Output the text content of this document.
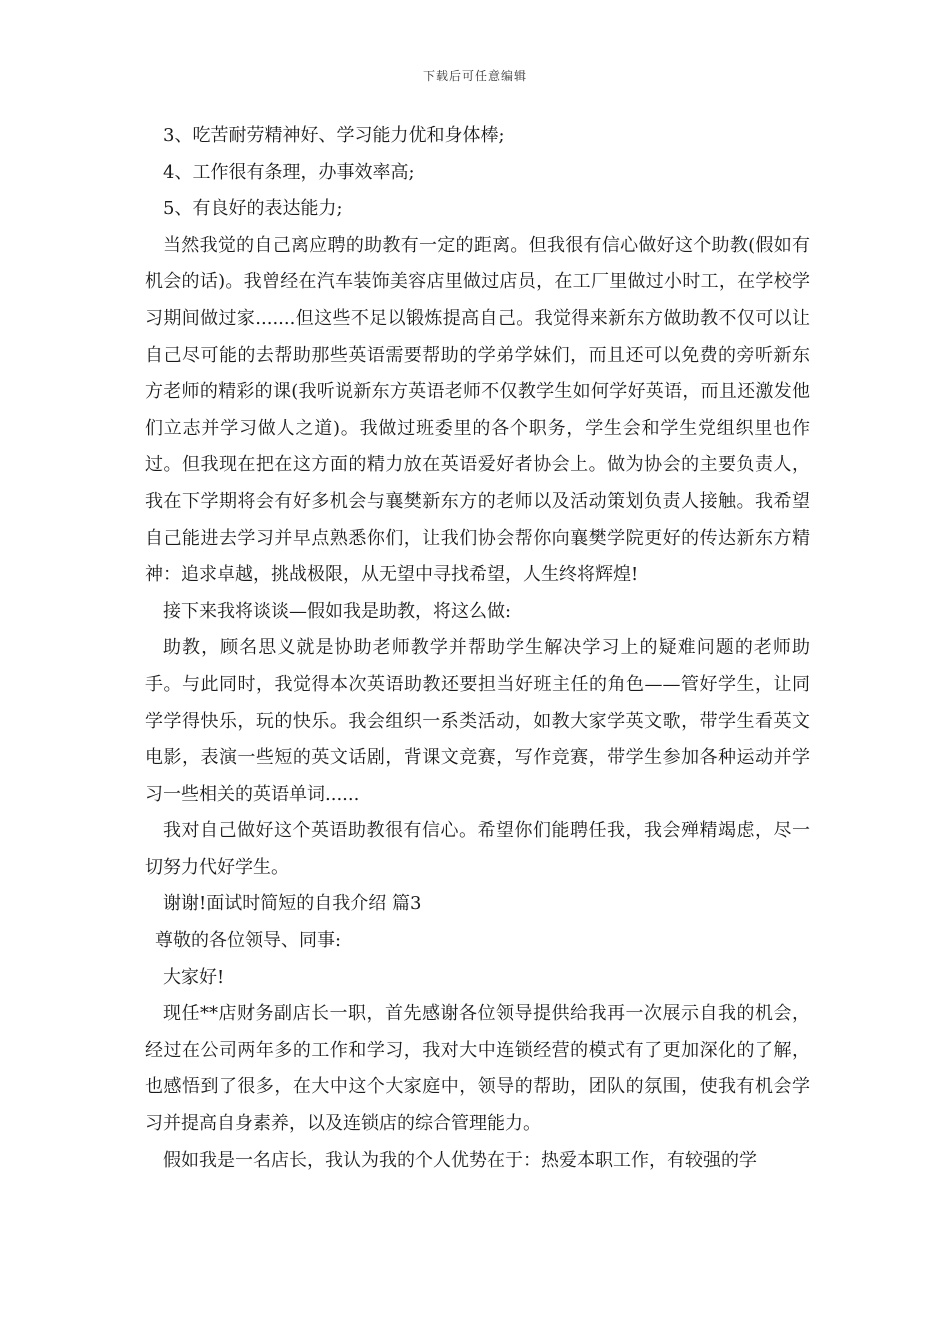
下载后可任意编辑

3、吃苦耐劳精神好、学习能力优和身体棒;

4、工作很有条理，办事效率高;

5、有良好的表达能力;

当然我觉的自己离应聘的助教有一定的距离。但我很有信心做好这个助教(假如有机会的话)。我曾经在汽车装饰美容店里做过店员，在工厂里做过小时工，在学校学习期间做过家.......但这些不足以锻炼提高自己。我觉得来新东方做助教不仅可以让自己尽可能的去帮助那些英语需要帮助的学弟学妹们，而且还可以免费的旁听新东方老师的精彩的课(我听说新东方英语老师不仅教学生如何学好英语，而且还激发他们立志并学习做人之道)。我做过班委里的各个职务，学生会和学生党组织里也作过。但我现在把在这方面的精力放在英语爱好者协会上。做为协会的主要负责人，我在下学期将会有好多机会与襄樊新东方的老师以及活动策划负责人接触。我希望自己能进去学习并早点熟悉你们，让我们协会帮你向襄樊学院更好的传达新东方精神：追求卓越，挑战极限，从无望中寻找希望，人生终将辉煌!

接下来我将谈谈—假如我是助教，将这么做:

助教，顾名思义就是协助老师教学并帮助学生解决学习上的疑难问题的老师助手。与此同时，我觉得本次英语助教还要担当好班主任的角色——管好学生，让同学学得快乐，玩的快乐。我会组织一系类活动，如教大家学英文歌，带学生看英文电影，表演一些短的英文话剧，背课文竞赛，写作竞赛，带学生参加各种运动并学习一些相关的英语单词......

我对自己做好这个英语助教很有信心。希望你们能聘任我，我会殚精竭虑，尽一切努力代好学生。

谢谢!面试时简短的自我介绍 篇3

尊敬的各位领导、同事:

大家好!

现任**店财务副店长一职，首先感谢各位领导提供给我再一次展示自我的机会，经过在公司两年多的工作和学习，我对大中连锁经营的模式有了更加深化的了解，也感悟到了很多，在大中这个大家庭中，领导的帮助，团队的氛围，使我有机会学习并提高自身素养，以及连锁店的综合管理能力。

假如我是一名店长，我认为我的个人优势在于：热爱本职工作，有较强的学
